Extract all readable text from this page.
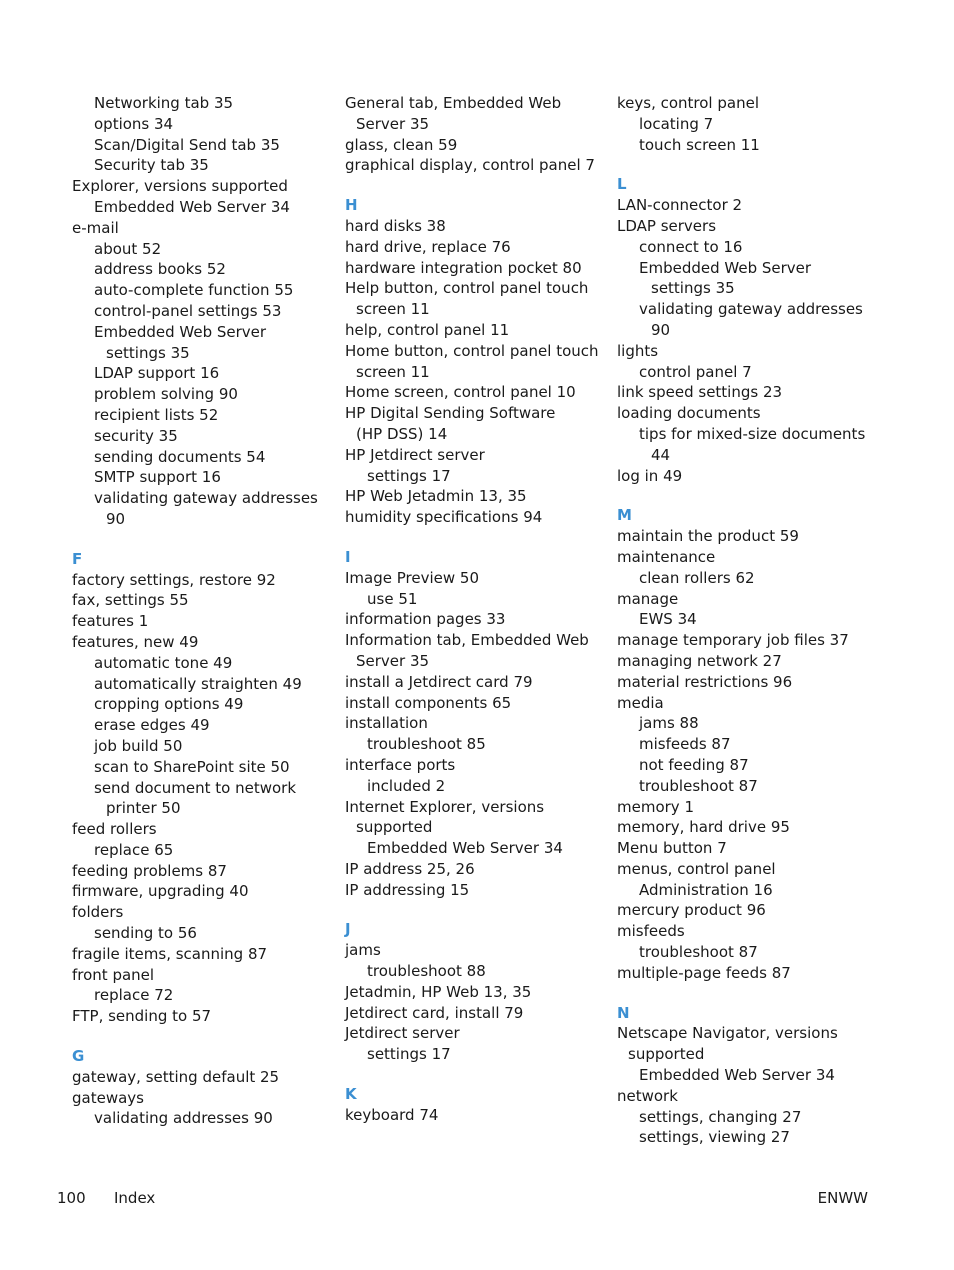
Networking tab 35
options 34
Scan/Digital Send tab 35
Security tab 35
Explorer, versions supported
Embedded Web Server 34
e-mail
about 52
address books 52
auto-complete function 55
control-panel settings 53
Embedded Web Server
settings 35
LDAP support 16
problem solving 90
recipient lists 52
security 35
sending documents 54
SMTP support 16
validating gateway addresses
90
F
factory settings, restore 92
fax, settings 55
features 1
features, new 49
automatic tone 49
automatically straighten 49
cropping options 49
erase edges 49
job build 50
scan to SharePoint site 50
send document to network
printer 50
feed rollers
replace 65
feeding problems 87
firmware, upgrading 40
folders
sending to 56
fragile items, scanning 87
front panel
replace 72
FTP, sending to 57
G
gateway, setting default 25
gateways
validating addresses 90
General tab, Embedded Web
Server 35
glass, clean 59
graphical display, control panel 7
H
hard disks 38
hard drive, replace 76
hardware integration pocket 80
Help button, control panel touch
screen 11
help, control panel 11
Home button, control panel touch
screen 11
Home screen, control panel 10
HP Digital Sending Software
(HP DSS) 14
HP Jetdirect server
settings 17
HP Web Jetadmin 13, 35
humidity specifications 94
I
Image Preview 50
use 51
information pages 33
Information tab, Embedded Web
Server 35
install a Jetdirect card 79
install components 65
installation
troubleshoot 85
interface ports
included 2
Internet Explorer, versions
supported
Embedded Web Server 34
IP address 25, 26
IP addressing 15
J
jams
troubleshoot 88
Jetadmin, HP Web 13, 35
Jetdirect card, install 79
Jetdirect server
settings 17
K
keyboard 74
keys, control panel
locating 7
touch screen 11
L
LAN-connector 2
LDAP servers
connect to 16
Embedded Web Server
settings 35
validating gateway addresses
90
lights
control panel 7
link speed settings 23
loading documents
tips for mixed-size documents
44
log in 49
M
maintain the product 59
maintenance
clean rollers 62
manage
EWS 34
manage temporary job files 37
managing network 27
material restrictions 96
media
jams 88
misfeeds 87
not feeding 87
troubleshoot 87
memory 1
memory, hard drive 95
Menu button 7
menus, control panel
Administration 16
mercury product 96
misfeeds
troubleshoot 87
multiple-page feeds 87
N
Netscape Navigator, versions
supported
Embedded Web Server 34
network
settings, changing 27
settings, viewing 27
100 Index	ENWW
